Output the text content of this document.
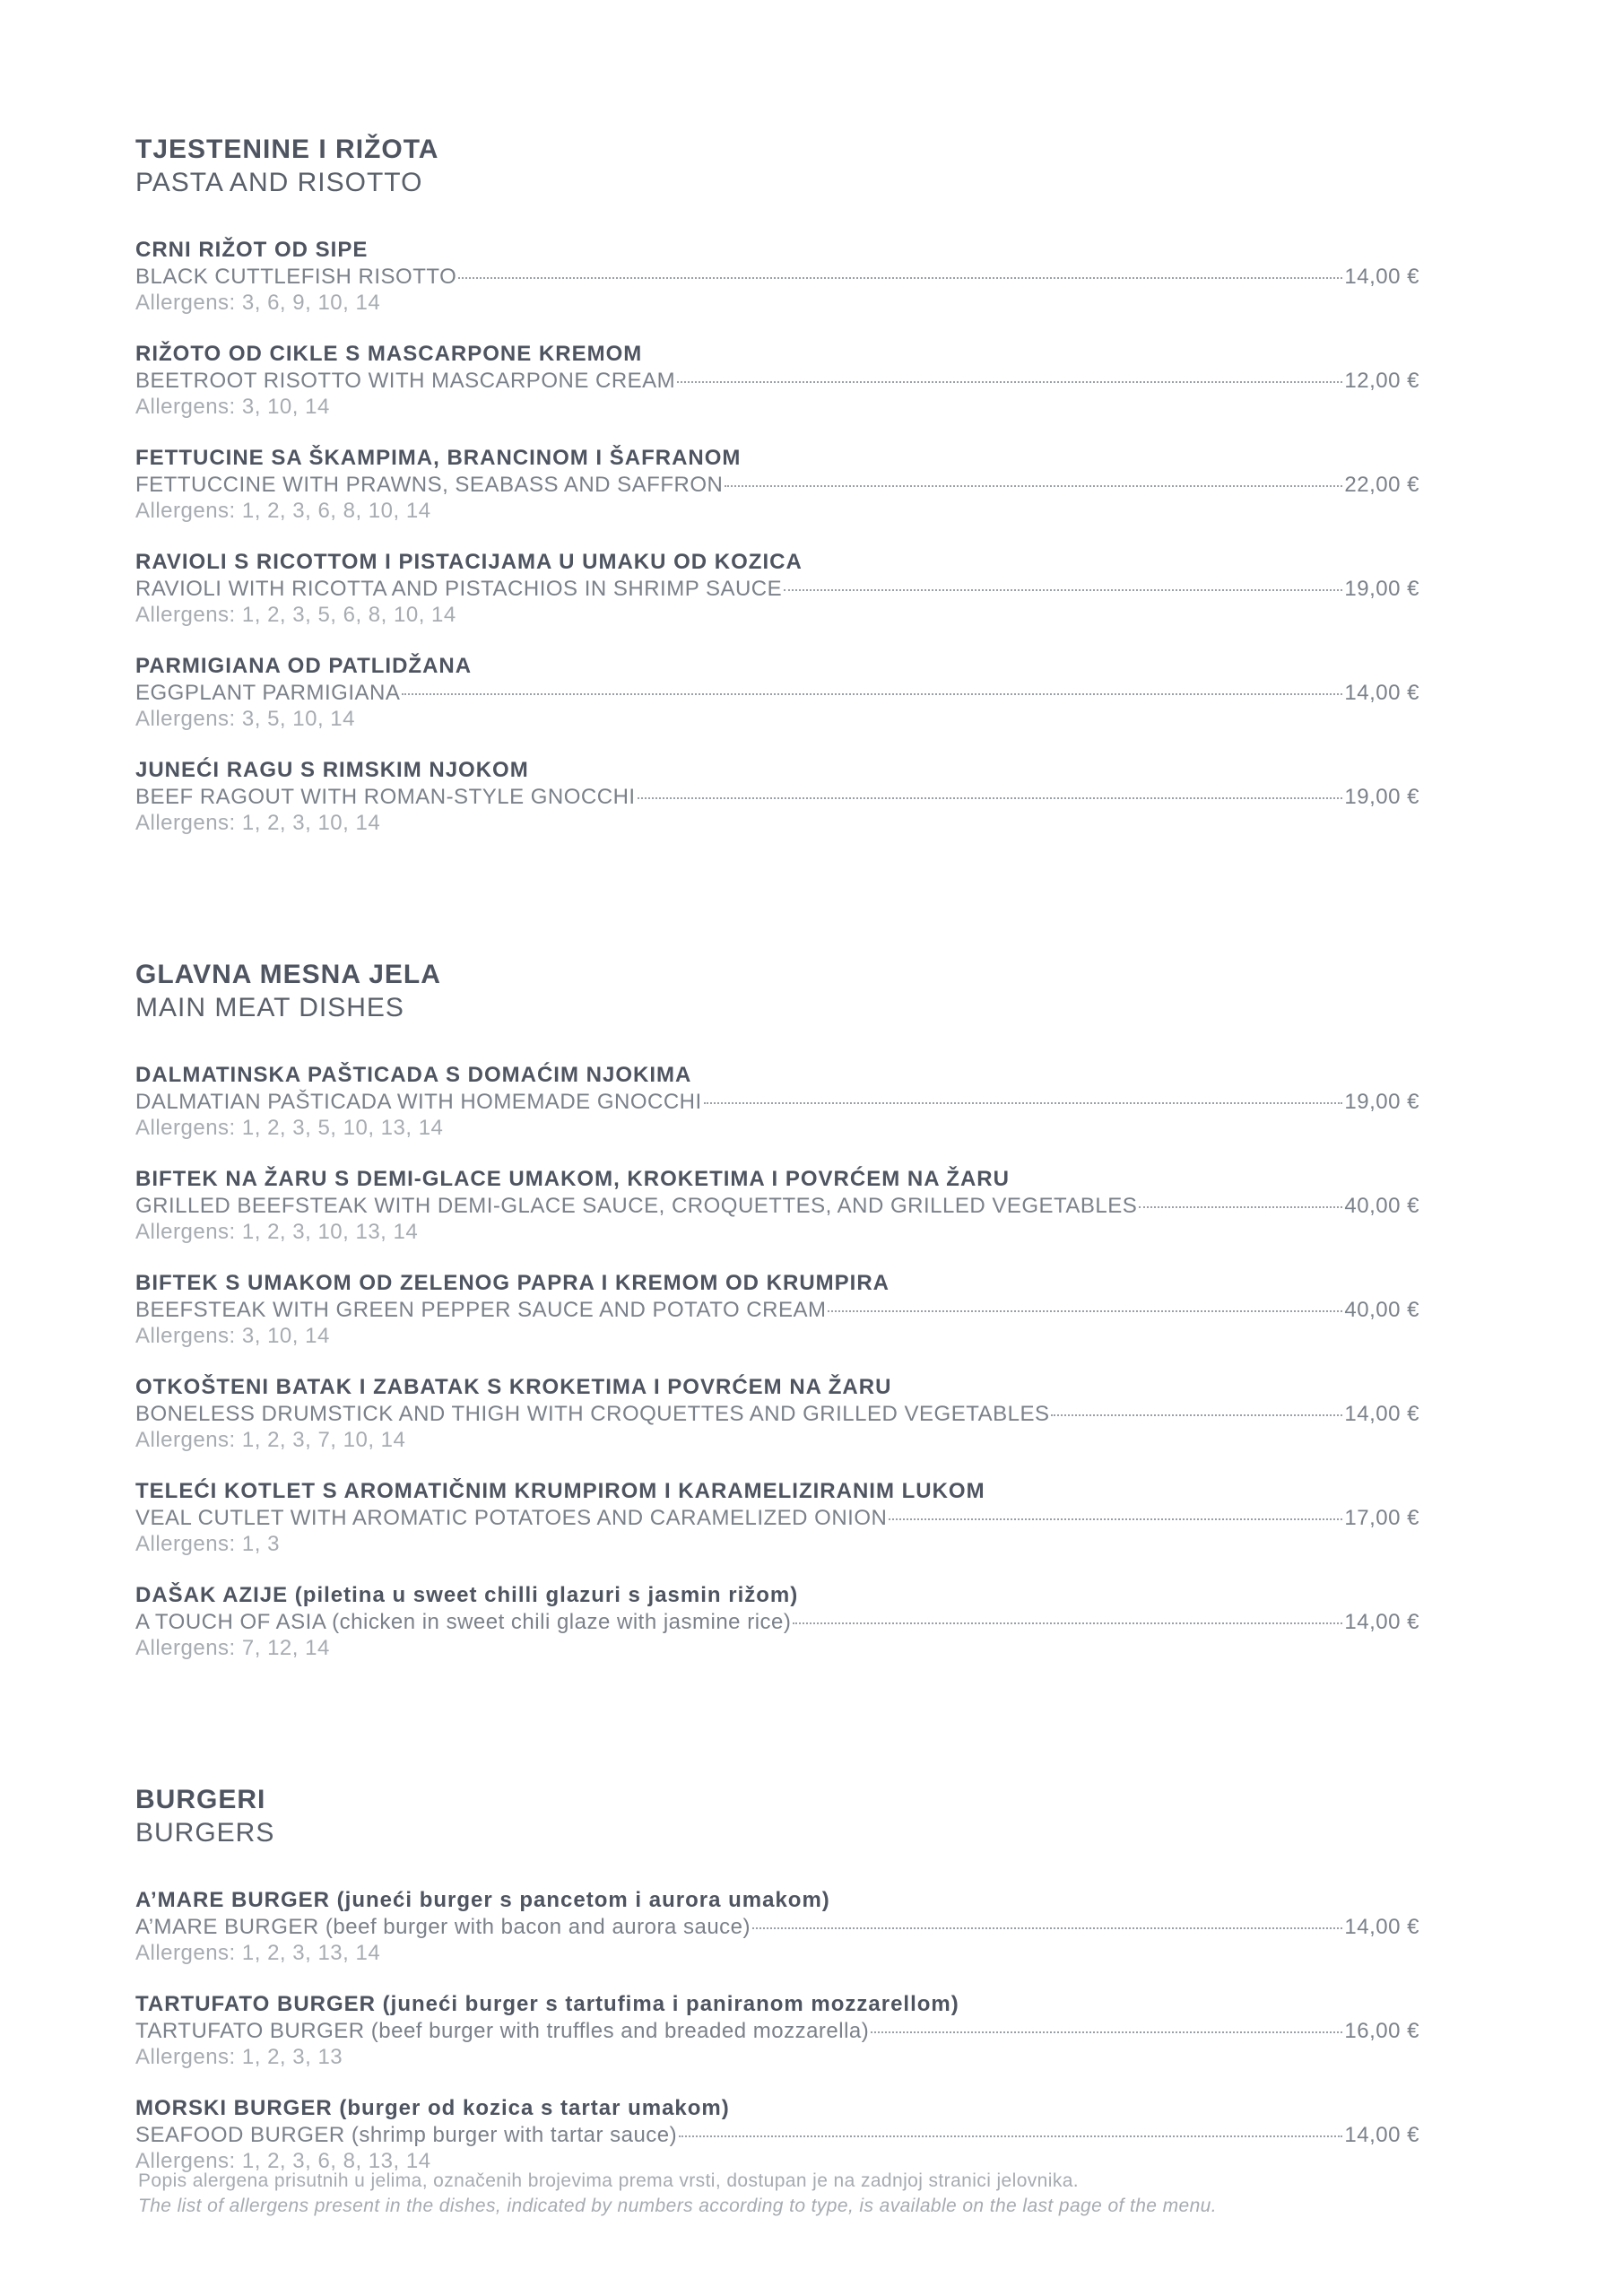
TJESTENINE I RIŽOTA
PASTA AND RISOTTO
CRNI RIŽOT OD SIPE
BLACK CUTTLEFISH RISOTTO	14,00 €
Allergens: 3, 6, 9, 10, 14
RIŽOTO OD CIKLE S MASCARPONE KREMOM
BEETROOT RISOTTO WITH MASCARPONE CREAM	12,00 €
Allergens: 3, 10, 14
FETTUCINE SA ŠKAMPIMA, BRANCINOM I ŠAFRANOM
FETTUCCINE WITH PRAWNS, SEABASS AND SAFFRON	22,00 €
Allergens: 1, 2, 3, 6, 8, 10, 14
RAVIOLI S RICOTTOM I PISTACIJAMA U UMAKU OD KOZICA
RAVIOLI WITH RICOTTA AND PISTACHIOS IN SHRIMP SAUCE	19,00 €
Allergens: 1, 2, 3, 5, 6, 8, 10, 14
PARMIGIANA OD PATLIDŽANA
EGGPLANT PARMIGIANA	14,00 €
Allergens: 3, 5, 10, 14
JUNEĆI RAGU S RIMSKIM NJOKOM
BEEF RAGOUT WITH ROMAN-STYLE GNOCCHI	19,00 €
Allergens: 1, 2, 3, 10, 14
GLAVNA MESNA JELA
MAIN MEAT DISHES
DALMATINSKA PAŠTICADA S DOMAĆIM NJOKIMA
DALMATIAN PAŠTICADA WITH HOMEMADE GNOCCHI	19,00 €
Allergens: 1, 2, 3, 5, 10, 13, 14
BIFTEK NA ŽARU S DEMI-GLACE UMAKOM, KROKETIMA I POVRĆEM NA ŽARU
GRILLED BEEFSTEAK WITH DEMI-GLACE SAUCE, CROQUETTES, AND GRILLED VEGETABLES	40,00 €
Allergens: 1, 2, 3, 10, 13, 14
BIFTEK S UMAKOM OD ZELENOG PAPRA I KREMOM OD KRUMPIRA
BEEFSTEAK WITH GREEN PEPPER SAUCE AND POTATO CREAM	40,00 €
Allergens: 3, 10, 14
OTKOŠTENI BATAK I ZABATAK S KROKETIMA I POVRĆEM NA ŽARU
BONELESS DRUMSTICK AND THIGH WITH CROQUETTES AND GRILLED VEGETABLES	14,00 €
Allergens: 1, 2, 3, 7, 10, 14
TELEĆI KOTLET S AROMATIČNIM KRUMPIROM I KARAMELIZIRANIM LUKOM
VEAL CUTLET WITH AROMATIC POTATOES AND CARAMELIZED ONION	17,00 €
Allergens: 1, 3
DAŠAK AZIJE (piletina u sweet chilli glazuri s jasmin rižom)
A TOUCH OF ASIA (chicken in sweet chili glaze with jasmine rice)	14,00 €
Allergens: 7, 12, 14
BURGERI
BURGERS
A’MARE BURGER (juneći burger s pancetom i aurora umakom)
A’MARE BURGER (beef burger with bacon and aurora sauce)	14,00 €
Allergens: 1, 2, 3, 13, 14
TARTUFATO BURGER (juneći burger s tartufima i paniranom mozzarellom)
TARTUFATO BURGER (beef burger with truffles and breaded mozzarella)	16,00 €
Allergens: 1, 2, 3, 13
MORSKI BURGER (burger od kozica s tartar umakom)
SEAFOOD BURGER (shrimp burger with tartar sauce)	14,00 €
Allergens: 1, 2, 3, 6, 8, 13, 14
Popis alergena prisutnih u jelima, označenih brojevima prema vrsti, dostupan je na zadnjoj stranici jelovnika.
The list of allergens present in the dishes, indicated by numbers according to type, is available on the last page of the menu.
